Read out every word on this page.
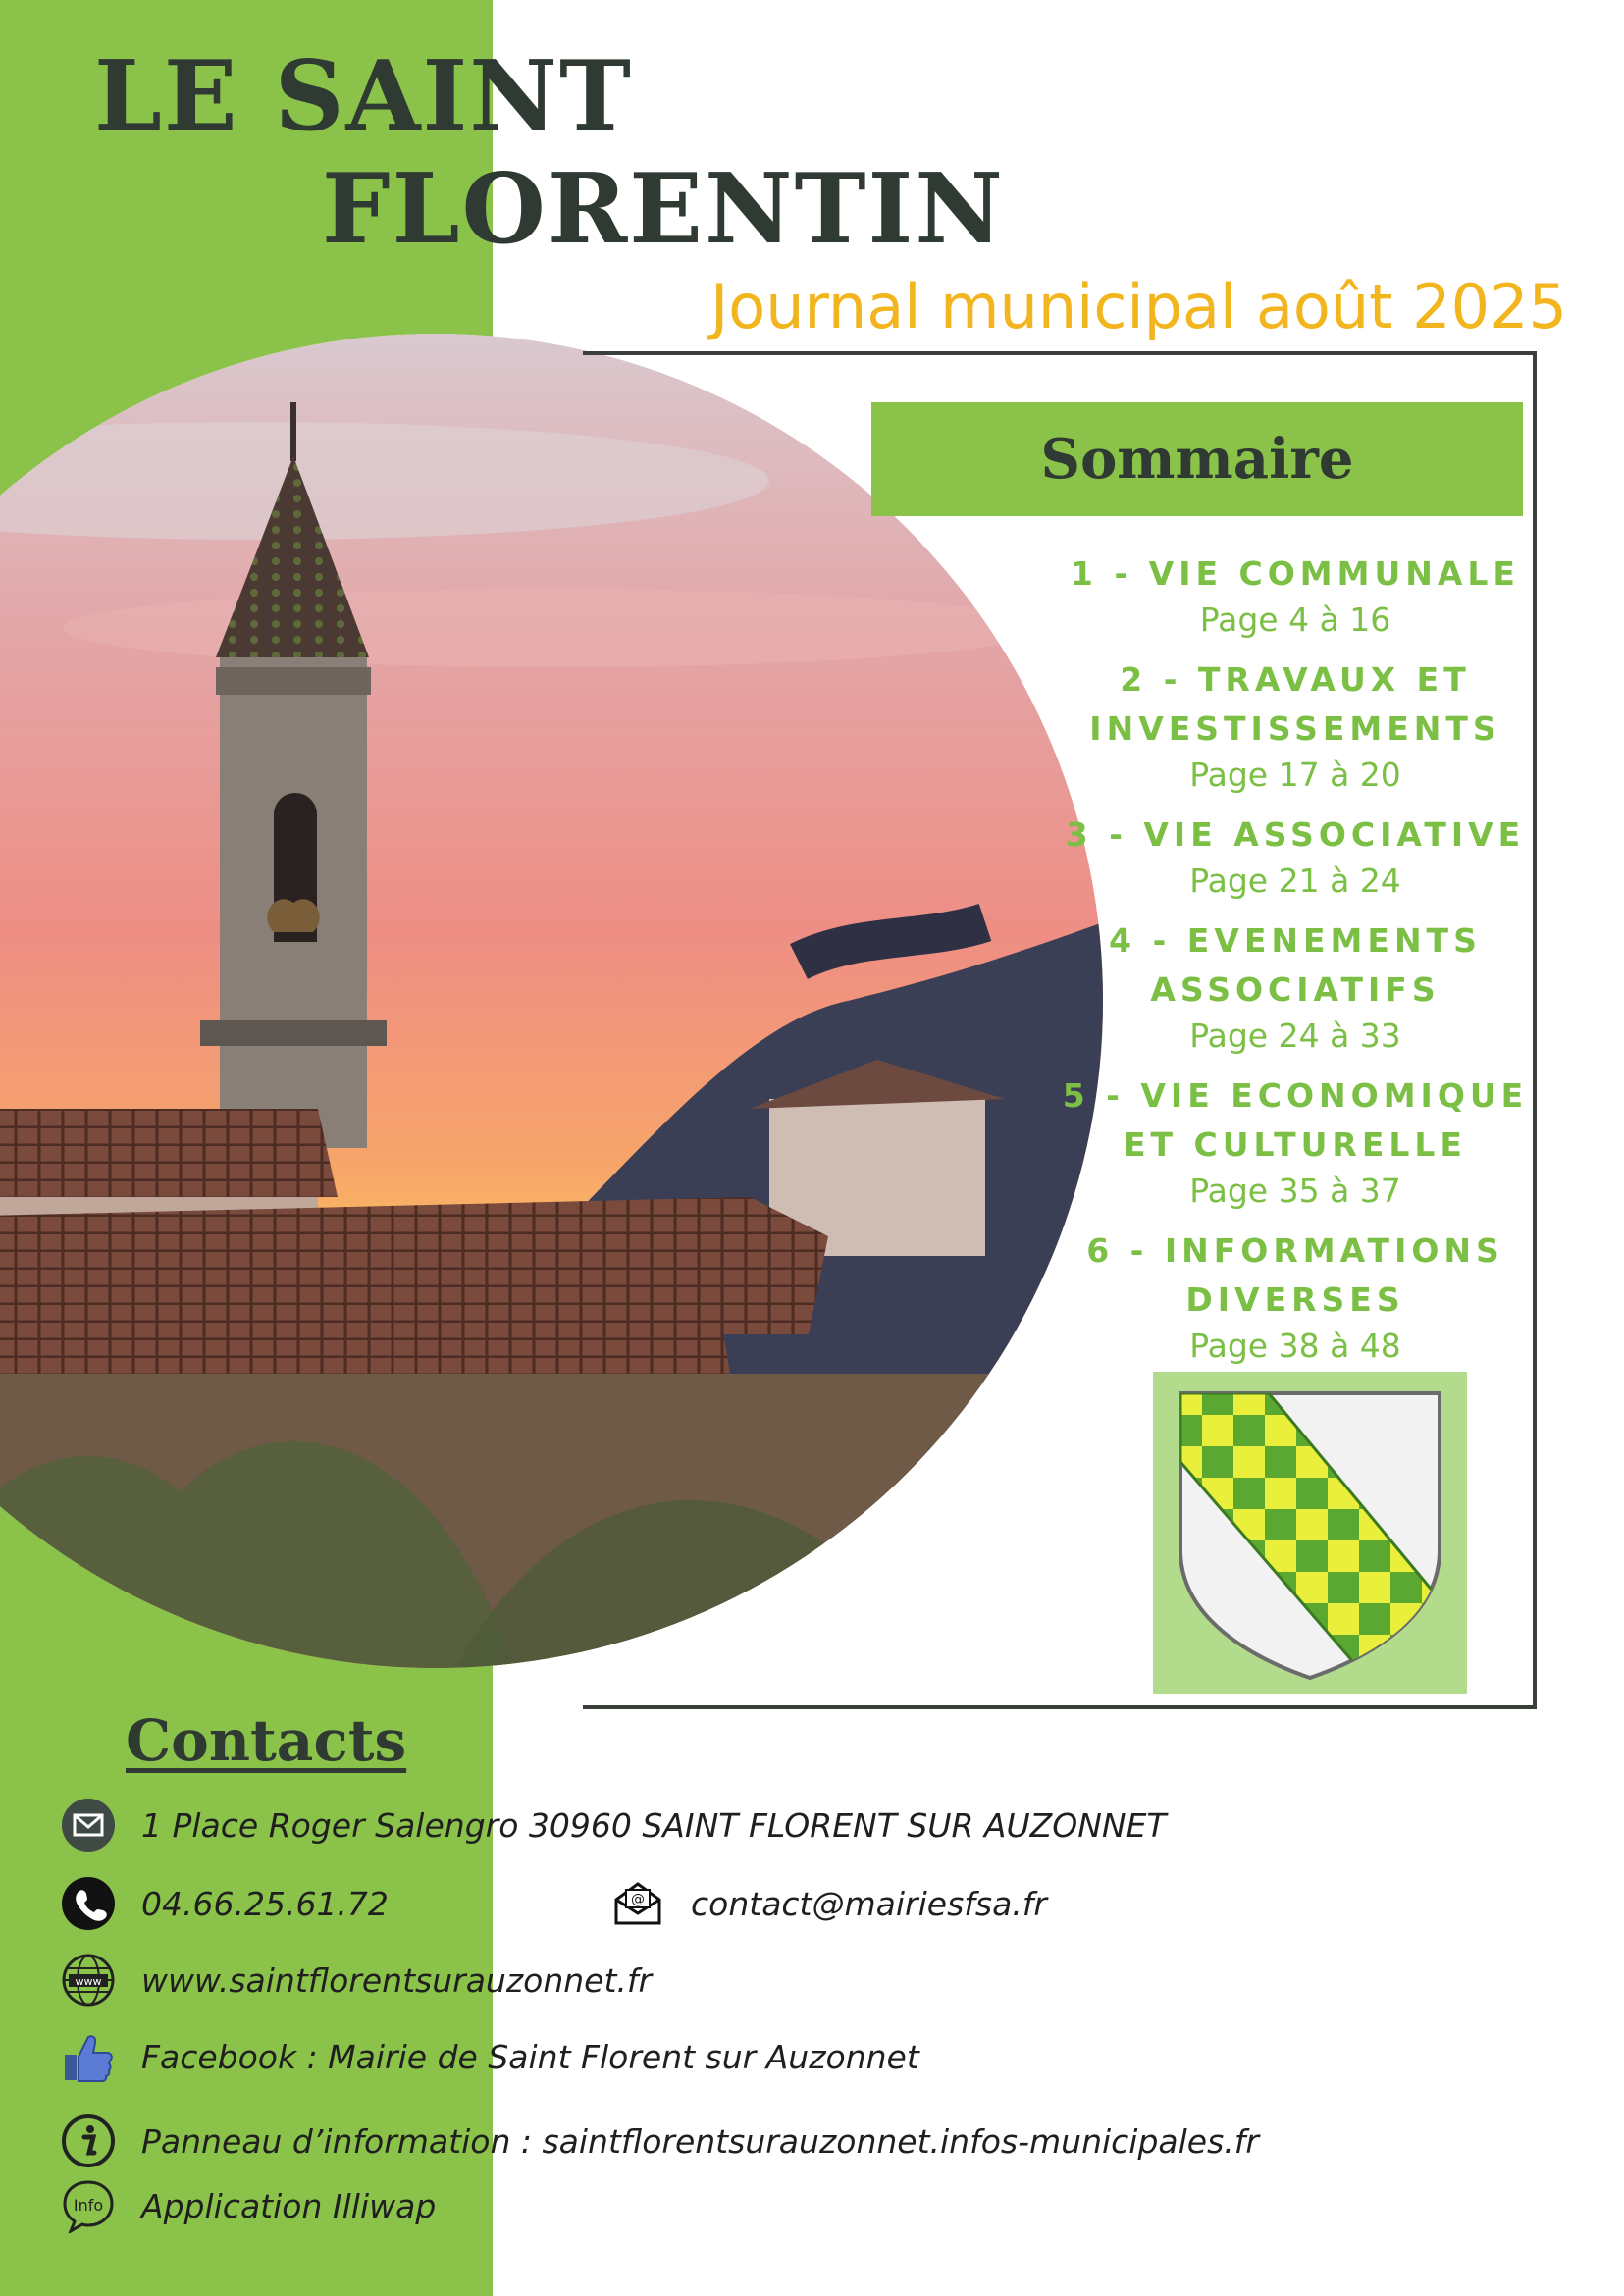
LE SAINT
FLORENTIN
Journal municipal août 2025
Sommaire
1 - VIE COMMUNALE
Page 4 à 16
2 - TRAVAUX ET
INVESTISSEMENTS
Page 17 à 20
3 - VIE ASSOCIATIVE
Page 21 à 24
4 - EVENEMENTS
ASSOCIATIFS
Page 24 à 33
5 - VIE ECONOMIQUE
ET CULTURELLE
Page 35 à 37
6 - INFORMATIONS
DIVERSES
Page 38 à 48
Contacts
1 Place Roger Salengro 30960 SAINT FLORENT SUR AUZONNET
04.66.25.61.72	@ contact@mairiesfsa.fr
www www.saintflorentsurauzonnet.fr
Facebook : Mairie de Saint Florent sur Auzonnet
Panneau d’information : saintflorentsurauzonnet.infos-municipales.fr
Info Application Illiwap
